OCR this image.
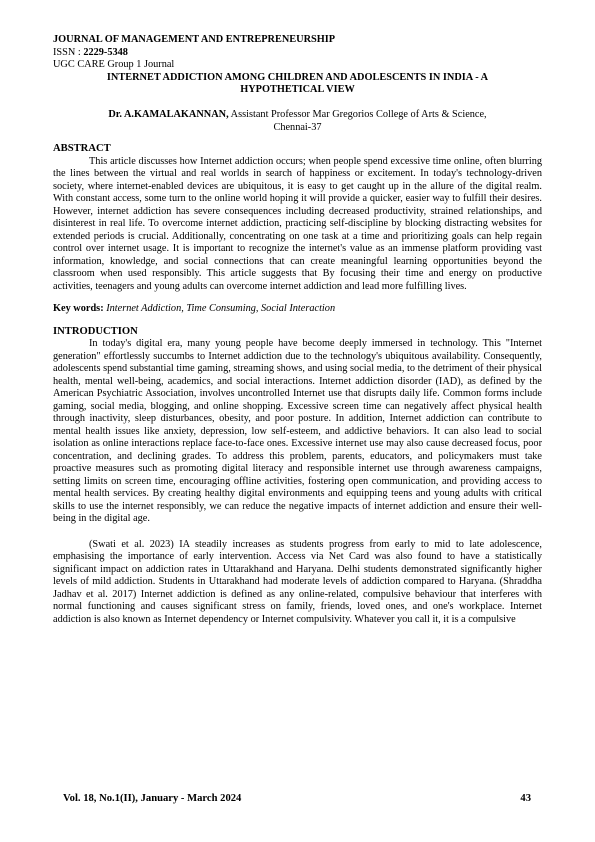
JOURNAL OF MANAGEMENT AND ENTREPRENEURSHIP
ISSN : 2229-5348
UGC CARE Group 1 Journal
INTERNET ADDICTION AMONG CHILDREN AND ADOLESCENTS IN INDIA - A HYPOTHETICAL VIEW
Dr. A.KAMALAKANNAN, Assistant Professor Mar Gregorios College of Arts & Science,
Chennai-37
ABSTRACT

This article discusses how Internet addiction occurs; when people spend excessive time online, often blurring the lines between the virtual and real worlds in search of happiness or excitement. In today's technology-driven society, where internet-enabled devices are ubiquitous, it is easy to get caught up in the allure of the digital realm. With constant access, some turn to the online world hoping it will provide a quicker, easier way to fulfill their desires. However, internet addiction has severe consequences including decreased productivity, strained relationships, and disinterest in real life. To overcome internet addiction, practicing self-discipline by blocking distracting websites for extended periods is crucial. Additionally, concentrating on one task at a time and prioritizing goals can help regain control over internet usage. It is important to recognize the internet's value as an immense platform providing vast information, knowledge, and social connections that can create meaningful learning opportunities beyond the classroom when used responsibly. This article suggests that By focusing their time and energy on productive activities, teenagers and young adults can overcome internet addiction and lead more fulfilling lives.

Key words: Internet Addiction, Time Consuming, Social Interaction
INTRODUCTION

In today's digital era, many young people have become deeply immersed in technology. This "Internet generation" effortlessly succumbs to Internet addiction due to the technology's ubiquitous availability. Consequently, adolescents spend substantial time gaming, streaming shows, and using social media, to the detriment of their physical health, mental well-being, academics, and social interactions. Internet addiction disorder (IAD), as defined by the American Psychiatric Association, involves uncontrolled Internet use that disrupts daily life. Common forms include gaming, social media, blogging, and online shopping. Excessive screen time can negatively affect physical health through inactivity, sleep disturbances, obesity, and poor posture. In addition, Internet addiction can contribute to mental health issues like anxiety, depression, low self-esteem, and addictive behaviors. It can also lead to social isolation as online interactions replace face-to-face ones. Excessive internet use may also cause decreased focus, poor concentration, and declining grades. To address this problem, parents, educators, and policymakers must take proactive measures such as promoting digital literacy and responsible internet use through awareness campaigns, setting limits on screen time, encouraging offline activities, fostering open communication, and providing access to mental health services. By creating healthy digital environments and equipping teens and young adults with critical skills to use the internet responsibly, we can reduce the negative impacts of internet addiction and ensure their well-being in the digital age.

(Swati et al. 2023) IA steadily increases as students progress from early to mid to late adolescence, emphasising the importance of early intervention. Access via Net Card was also found to have a statistically significant impact on addiction rates in Uttarakhand and Haryana. Delhi students demonstrated significantly higher levels of mild addiction. Students in Uttarakhand had moderate levels of addiction compared to Haryana. (Shraddha Jadhav et al. 2017) Internet addiction is defined as any online-related, compulsive behaviour that interferes with normal functioning and causes significant stress on family, friends, loved ones, and one's workplace. Internet addiction is also known as Internet dependency or Internet compulsivity. Whatever you call it, it is a compulsive

Vol. 18, No.1(II), January - March 2024	43
